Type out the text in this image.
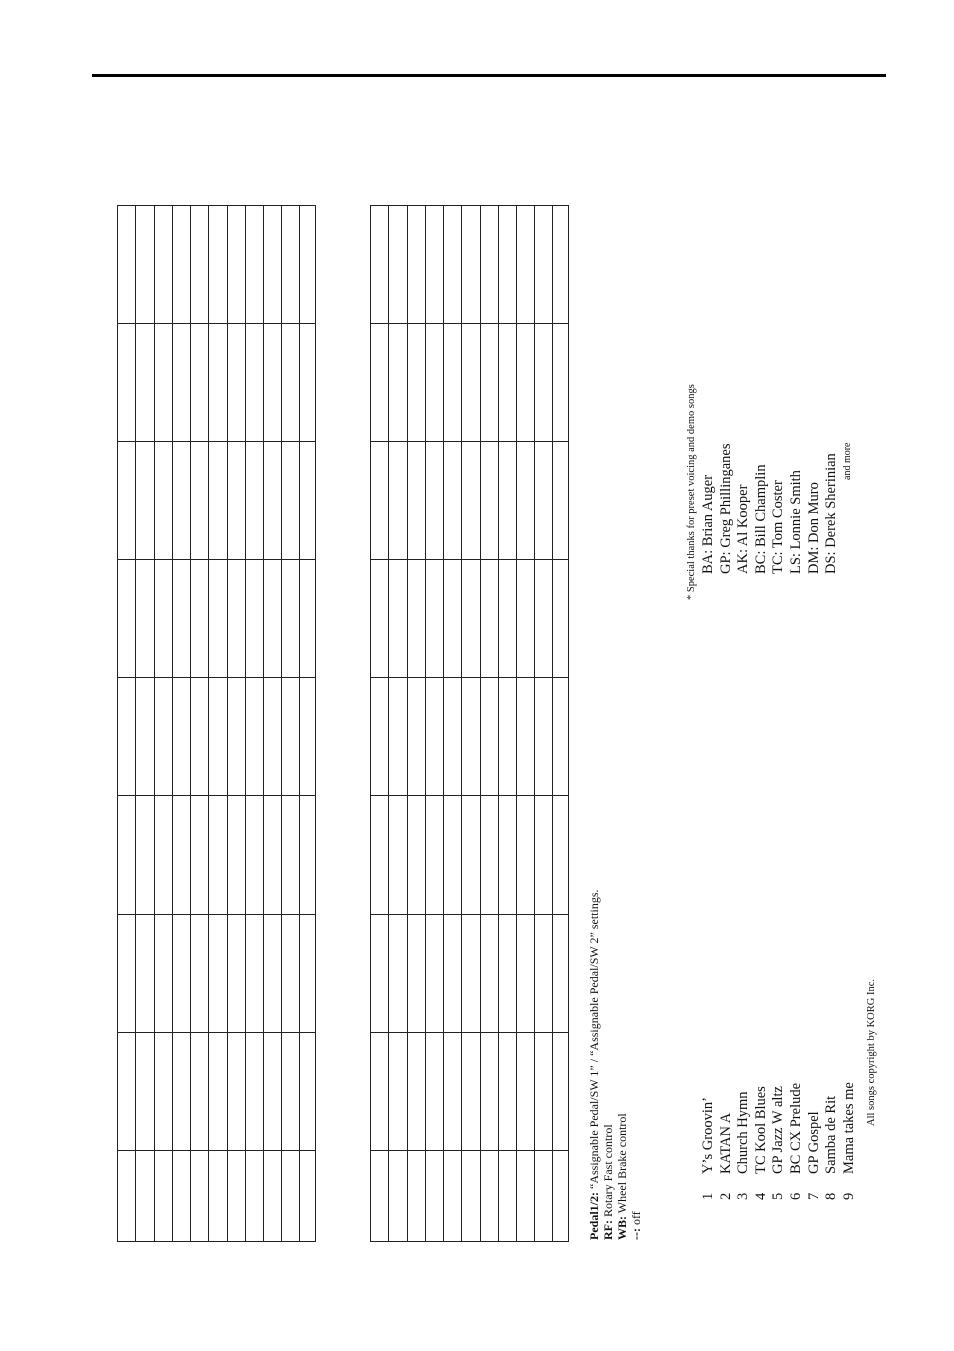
Pedal1/2: “Assignable Pedal/SW 1” / “Assignable Pedal/SW 2” settings.
RF: Rotary Fast control
WB: Wheel Brake control
--: off
1Y’s Groovin’
2KATAN A
3Church Hymn
4TC Kool Blues
5GP Jazz W altz
6BC CX Prelude
7GP Gospel
8Samba de Rit
9Mama takes me
All songs copyright by KORG Inc.
* Special thanks for preset voicing and demo songs BA: Brian Auger GP: Greg Phillinganes AK: Al Kooper BC: Bill Champlin TC: Tom Coster LS: Lonnie Smith DM: Don Muro DS: Derek Sherinian and more
